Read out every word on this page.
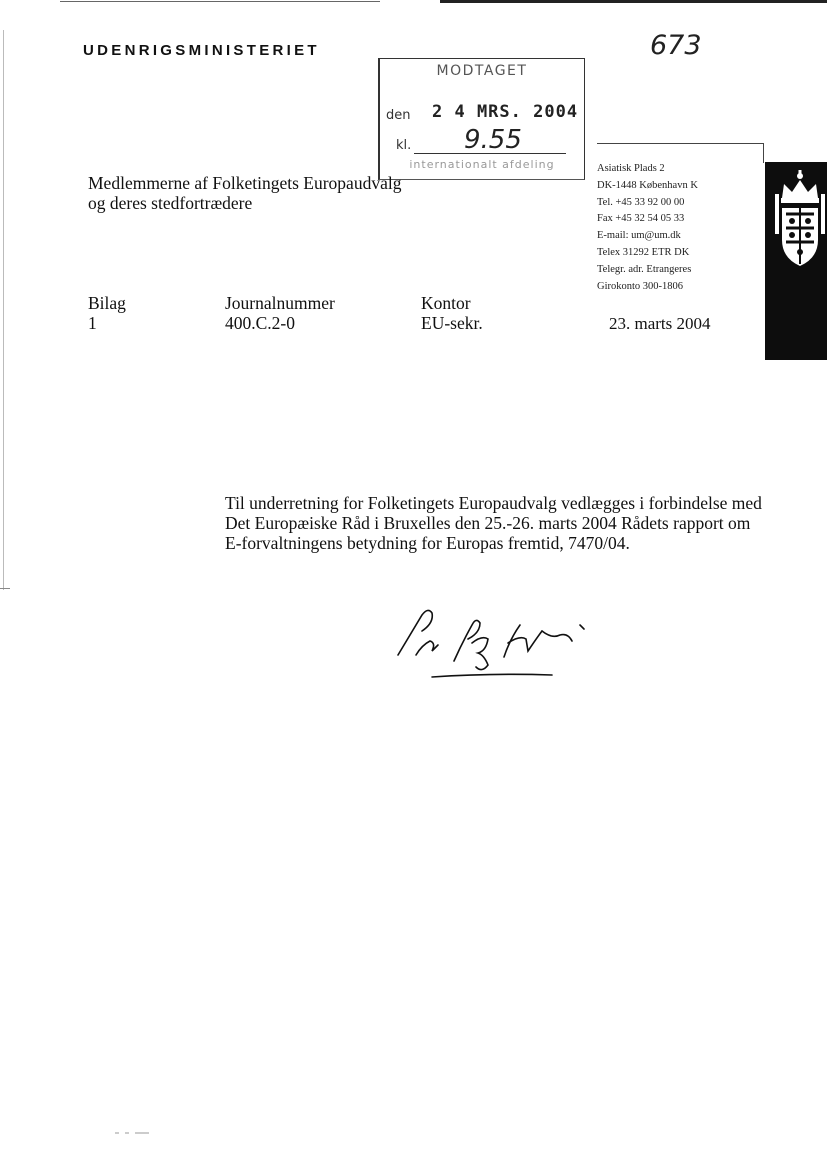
UDENRIGSMINISTERIET	673
MODTAGET
den 2 4 MRS. 2004
kl. 9.55
internationalt afdeling
Medlemmerne af Folketingets Europaudvalg
og deres stedfortrædere
Asiatisk Plads 2
DK-1448 København K
Tel. +45 33 92 00 00
Fax +45 32 54 05 33
E-mail: um@um.dk
Telex 31292 ETR DK
Telegr. adr. Etrangeres
Girokonto 300-1806
Bilag
1
Journalnummer
400.C.2-0
Kontor
EU-sekr.	23. marts 2004
Til underretning for Folketingets Europaudvalg vedlægges i forbindelse med
Det Europæiske Råd i Bruxelles den 25.-26. marts 2004 Rådets rapport om
E-forvaltningens betydning for Europas fremtid, 7470/04.
